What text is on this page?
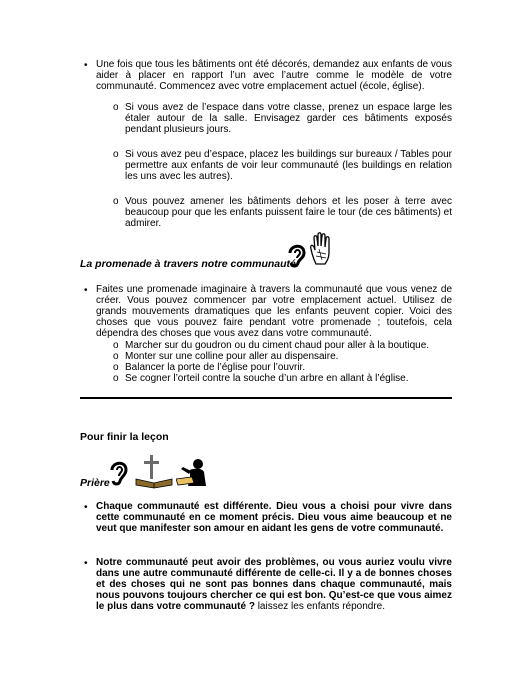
• Une fois que tous les bâtiments ont été décorés, demandez aux enfants de vous aider à placer en rapport l’un avec l’autre comme le modèle de votre communauté. Commencez avec votre emplacement actuel (école, église).
o Si vous avez de l’espace dans votre classe, prenez un espace large les étaler autour de la salle. Envisagez garder ces bâtiments exposés pendant plusieurs jours.
o Si vous avez peu d’espace, placez les buildings sur bureaux / Tables pour permettre aux enfants de voir leur communauté (les buildings en relation les uns avec les autres).
o Vous pouvez amener les bâtiments dehors et les poser à terre avec beaucoup pour que les enfants puissent faire le tour (de ces bâtiments) et admirer.
La promenade à travers notre communauté
• Faites une promenade imaginaire à travers la communauté que vous venez de créer. Vous pouvez commencer par votre emplacement actuel. Utilisez de grands mouvements dramatiques que les enfants peuvent copier. Voici des choses que vous pouvez faire pendant votre promenade ; toutefois, cela dépendra des choses que vous avez dans votre communauté.
o Marcher sur du goudron ou du ciment chaud pour aller à la boutique.
o Monter sur une colline pour aller au dispensaire.
o Balancer la porte de l’église pour l’ouvrir.
o Se cogner l’orteil contre la souche d’un arbre en allant à l’église.
Pour finir la leçon
Prière
• Chaque communauté est différente. Dieu vous a choisi pour vivre dans cette communauté en ce moment précis. Dieu vous aime beaucoup et ne veut que manifester son amour en aidant les gens de votre communauté.
• Notre communauté peut avoir des problèmes, ou vous auriez voulu vivre dans une autre communauté différente de celle-ci. Il y a de bonnes choses et des choses qui ne sont pas bonnes dans chaque communauté, mais nous pouvons toujours chercher ce qui est bon. Qu’est-ce que vous aimez le plus dans votre communauté ? laissez les enfants répondre.
